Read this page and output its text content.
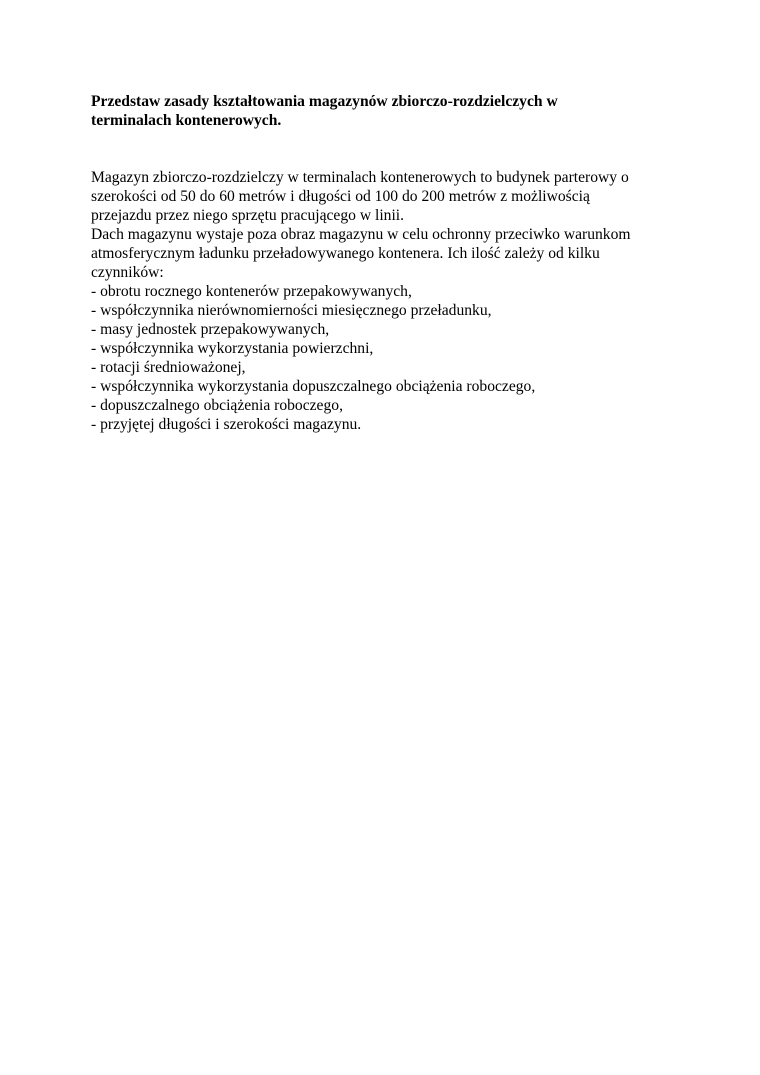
Przedstaw zasady kształtowania magazynów zbiorczo-rozdzielczych w
terminalach kontenerowych.
Magazyn zbiorczo-rozdzielczy w terminalach kontenerowych to budynek parterowy o
szerokości od 50 do 60 metrów i długości od 100 do 200 metrów z możliwością
przejazdu przez niego sprzętu pracującego w linii.
Dach magazynu wystaje poza obraz magazynu w celu ochronny przeciwko warunkom
atmosferycznym ładunku przeładowywanego kontenera. Ich ilość zależy od kilku
czynników:
- obrotu rocznego kontenerów przepakowywanych,
- współczynnika nierównomierności miesięcznego przeładunku,
- masy jednostek przepakowywanych,
- współczynnika wykorzystania powierzchni,
- rotacji średnioważonej,
- współczynnika wykorzystania dopuszczalnego obciążenia roboczego,
- dopuszczalnego obciążenia roboczego,
- przyjętej długości i szerokości magazynu.
